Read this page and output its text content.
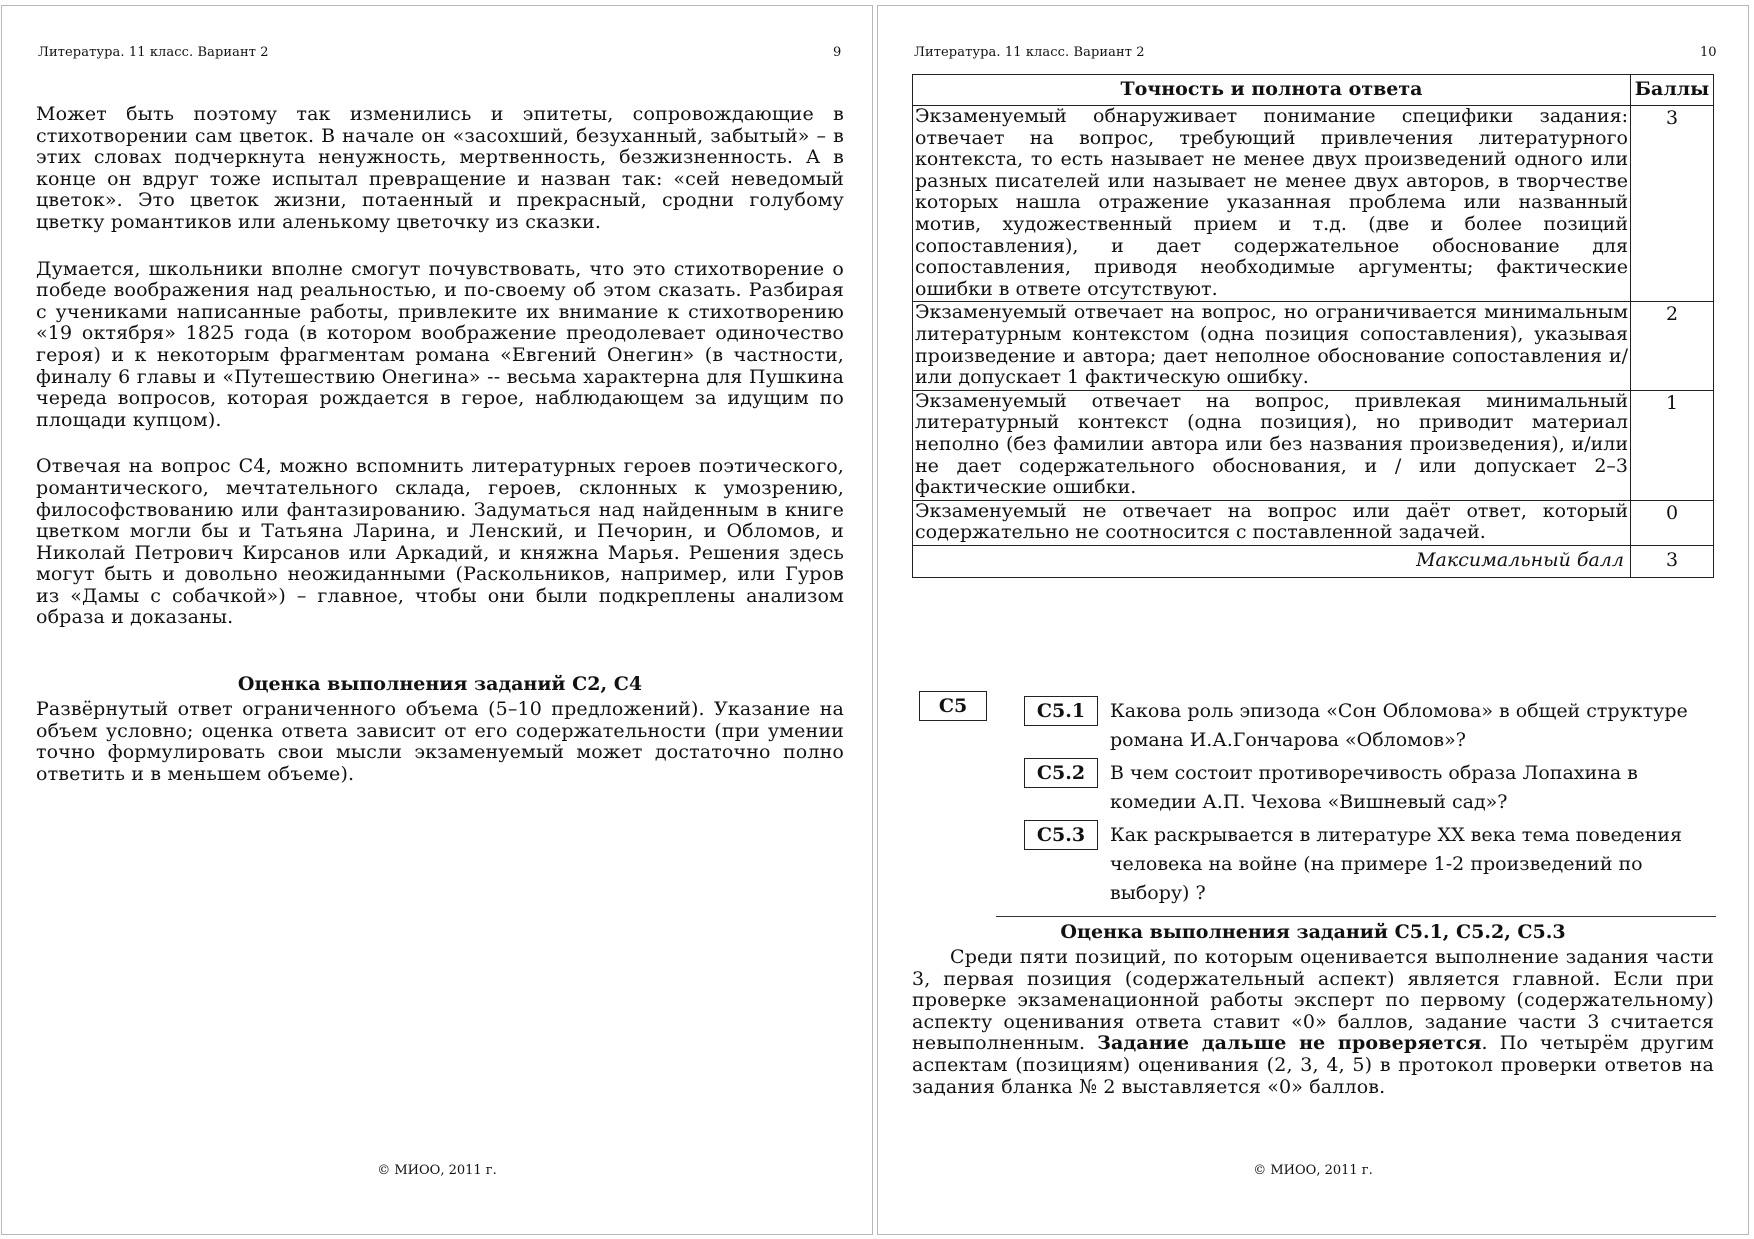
Литература. 11 класс. Вариант 2	9

Может быть поэтому так изменились и эпитеты, сопровождающие в стихотворении сам цветок. В начале он «засохший, безуханный, забытый» – в этих словах подчеркнута ненужность, мертвенность, безжизненность. А в конце он вдруг тоже испытал превращение и назван так: «сей неведомый цветок». Это цветок жизни, потаенный и прекрасный, сродни голубому цветку романтиков или аленькому цветочку из сказки.

Думается, школьники вполне смогут почувствовать, что это стихотворение о победе воображения над реальностью, и по-своему об этом сказать. Разбирая с учениками написанные работы, привлеките их внимание к стихотворению «19 октября» 1825 года (в котором воображение преодолевает одиночество героя) и к некоторым фрагментам романа «Евгений Онегин» (в частности, финалу 6 главы и «Путешествию Онегина» -- весьма характерна для Пушкина череда вопросов, которая рождается в герое, наблюдающем за идущим по площади купцом).

Отвечая на вопрос С4, можно вспомнить литературных героев поэтического, романтического, мечтательного склада, героев, склонных к умозрению, философствованию или фантазированию. Задуматься над найденным в книге цветком могли бы и Татьяна Ларина, и Ленский, и Печорин, и Обломов, и Николай Петрович Кирсанов или Аркадий, и княжна Марья. Решения здесь могут быть и довольно неожиданными (Раскольников, например, или Гуров из «Дамы с собачкой») – главное, чтобы они были подкреплены анализом образа и доказаны.

Оценка выполнения заданий С2, С4
Развёрнутый ответ ограниченного объема (5–10 предложений). Указание на объем условно; оценка ответа зависит от его содержательности (при умении точно формулировать свои мысли экзаменуемый может достаточно полно ответить и в меньшем объеме).
© МИОО, 2011 г.
Литература. 11 класс. Вариант 2	10
Точность и полнота ответа	Баллы
Экзаменуемый обнаруживает понимание специфики задания: отвечает на вопрос, требующий привлечения литературного контекста, то есть называет не менее двух произведений одного или разных писателей или называет не менее двух авторов, в творчестве которых нашла отражение указанная проблема или названный мотив, художественный прием и т.д. (две и более позиций сопоставления), и дает содержательное обоснование для сопоставления, приводя необходимые аргументы; фактические ошибки в ответе отсутствуют.	3
Экзаменуемый отвечает на вопрос, но ограничивается минимальным литературным контекстом (одна позиция сопоставления), указывая произведение и автора; дает неполное обоснование сопоставления и/или допускает 1 фактическую ошибку.	2
Экзаменуемый отвечает на вопрос, привлекая минимальный литературный контекст (одна позиция), но приводит материал неполно (без фамилии автора или без названия произведения), и/или не дает содержательного обоснования, и / или допускает 2–3 фактические ошибки.	1
Экзаменуемый не отвечает на вопрос или даёт ответ, который содержательно не соотносится с поставленной задачей.	0
Максимальный балл	3
С5	С5.1	Какова роль эпизода «Сон Обломова» в общей структуре романа И.А.Гончарова «Обломов»?
С5.2	В чем состоит противоречивость образа Лопахина в комедии А.П. Чехова «Вишневый сад»?
С5.3	Как раскрывается в литературе XX века тема поведения человека на войне (на примере 1-2 произведений по выбору) ?
Оценка выполнения заданий С5.1, С5.2, С5.3
Среди пяти позиций, по которым оценивается выполнение задания части 3, первая позиция (содержательный аспект) является главной. Если при проверке экзаменационной работы эксперт по первому (содержательному) аспекту оценивания ответа ставит «0» баллов, задание части 3 считается невыполненным. Задание дальше не проверяется. По четырём другим аспектам (позициям) оценивания (2, 3, 4, 5) в протокол проверки ответов на задания бланка № 2 выставляется «0» баллов.
© МИОО, 2011 г.
